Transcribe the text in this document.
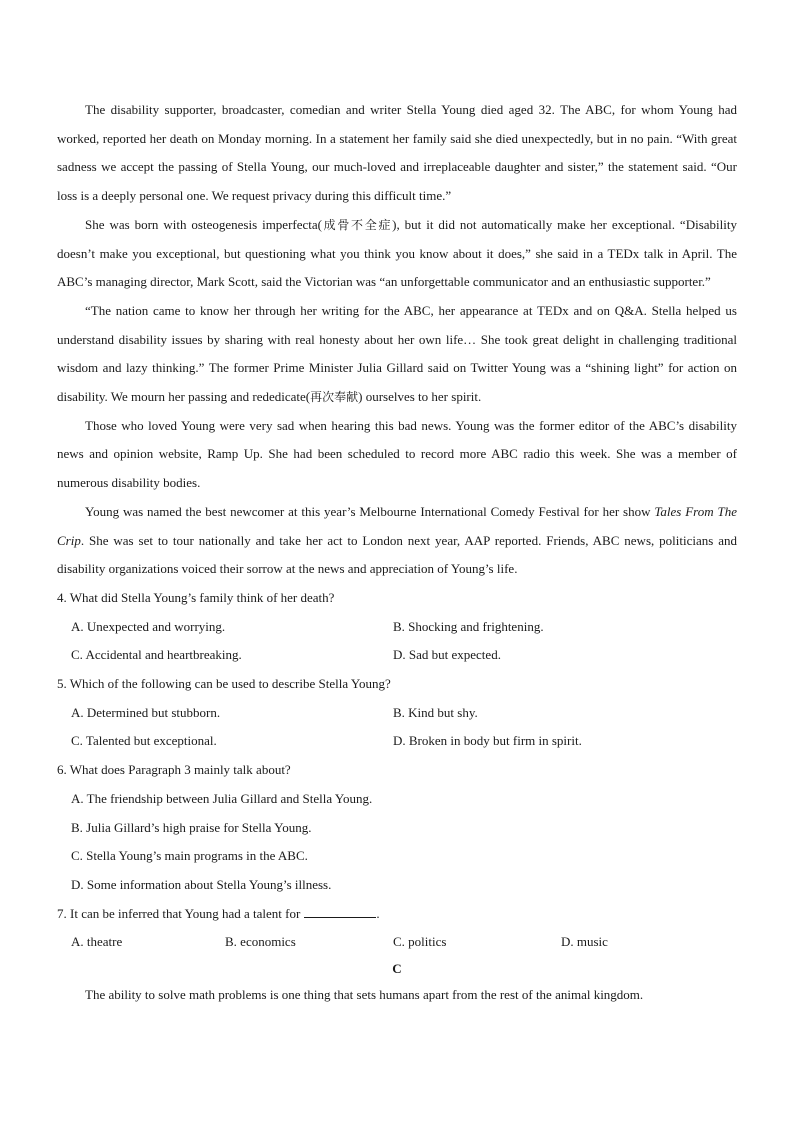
The disability supporter, broadcaster, comedian and writer Stella Young died aged 32. The ABC, for whom Young had worked, reported her death on Monday morning. In a statement her family said she died unexpectedly, but in no pain. “With great sadness we accept the passing of Stella Young, our much-loved and irreplaceable daughter and sister,” the statement said. “Our loss is a deeply personal one. We request privacy during this difficult time.”

She was born with osteogenesis imperfecta(成骨不全症), but it did not automatically make her exceptional. “Disability doesn’t make you exceptional, but questioning what you think you know about it does,” she said in a TEDx talk in April. The ABC’s managing director, Mark Scott, said the Victorian was “an unforgettable communicator and an enthusiastic supporter.”

“The nation came to know her through her writing for the ABC, her appearance at TEDx and on Q&A. Stella helped us understand disability issues by sharing with real honesty about her own life… She took great delight in challenging traditional wisdom and lazy thinking.” The former Prime Minister Julia Gillard said on Twitter Young was a “shining light” for action on disability. We mourn her passing and rededicate(再次奉献) ourselves to her spirit.

Those who loved Young were very sad when hearing this bad news. Young was the former editor of the ABC’s disability news and opinion website, Ramp Up. She had been scheduled to record more ABC radio this week. She was a member of numerous disability bodies.

Young was named the best newcomer at this year’s Melbourne International Comedy Festival for her show Tales From The Crip. She was set to tour nationally and take her act to London next year, AAP reported. Friends, ABC news, politicians and disability organizations voiced their sorrow at the news and appreciation of Young’s life.

4. What did Stella Young’s family think of her death?
A. Unexpected and worrying.	B. Shocking and frightening.
C. Accidental and heartbreaking.	D. Sad but expected.
5. Which of the following can be used to describe Stella Young?
A. Determined but stubborn.	B. Kind but shy.
C. Talented but exceptional.	D. Broken in body but firm in spirit.
6. What does Paragraph 3 mainly talk about?
A. The friendship between Julia Gillard and Stella Young.
B. Julia Gillard’s high praise for Stella Young.
C. Stella Young’s main programs in the ABC.
D. Some information about Stella Young’s illness.
7. It can be inferred that Young had a talent for	.
A. theatre	B. economics	C. politics	D. music
C

The ability to solve math problems is one thing that sets humans apart from the rest of the animal kingdom.
